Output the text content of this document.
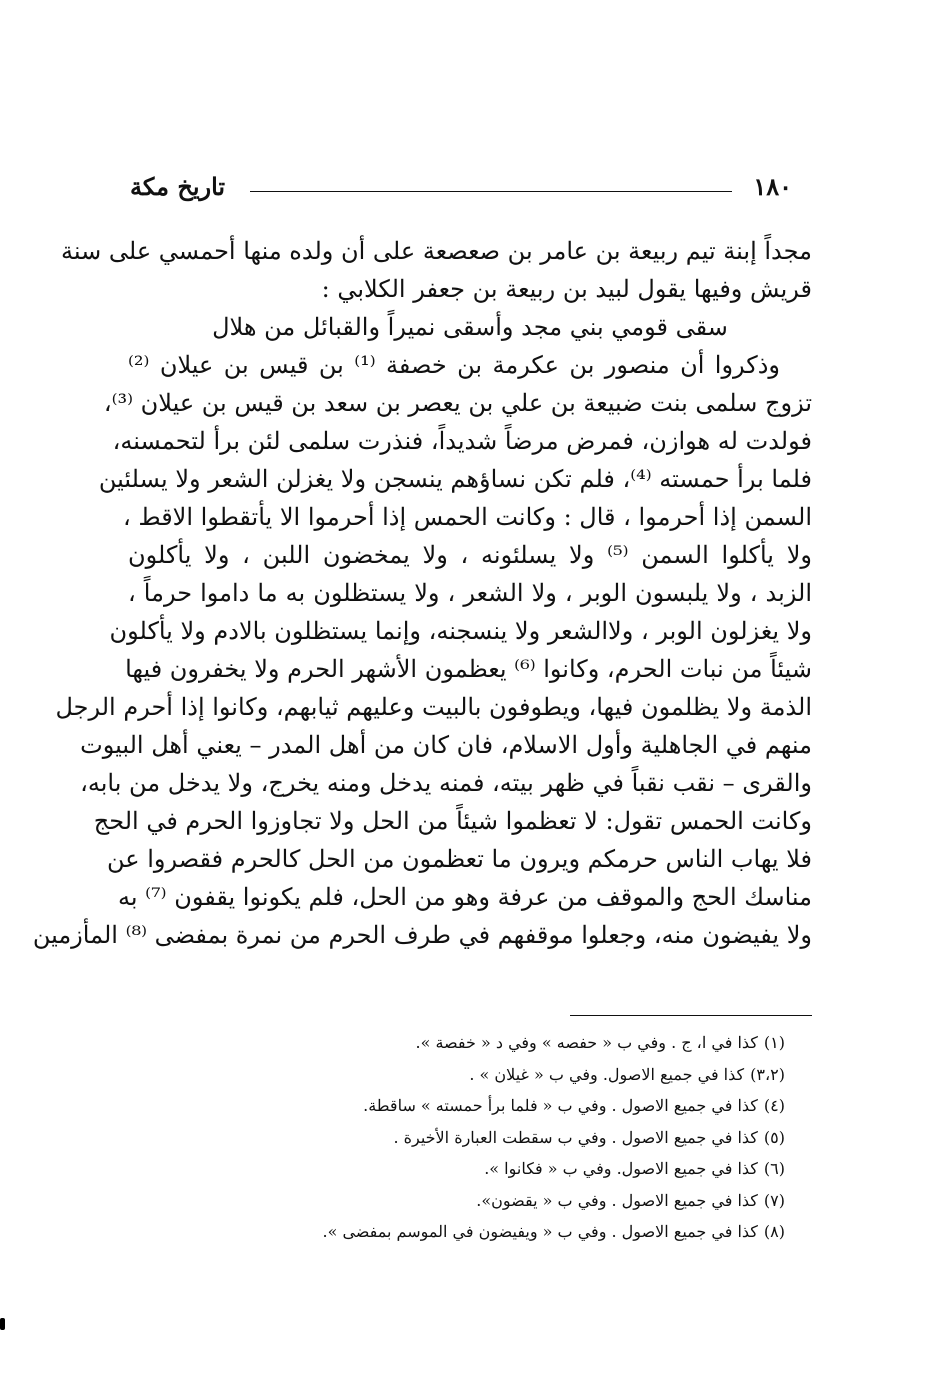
١٨٠
تاريخ مكة
مجداً إبنة تيم ربيعة بن عامر بن صعصعة على أن ولده منها أحمسي على سنة
قريش وفيها يقول لبيد بن ربيعة بن جعفر الكلابي :
سقى قومي بني مجد وأسقى نميراً والقبائل من هلال
وذكروا أن منصور بن عكرمة بن خصفة ⁽¹⁾ بن قيس بن عيلان ⁽²⁾
تزوج سلمى بنت ضبيعة بن علي بن يعصر بن سعد بن قيس بن عيلان ⁽³⁾،
فولدت له هوازن، فمرض مرضاً شديداً، فنذرت سلمى لئن برأ لتحمسنه،
فلما برأ حمسته ⁽⁴⁾، فلم تكن نساؤهم ينسجن ولا يغزلن الشعر ولا يسلئين
السمن إذا أحرموا ، قال : وكانت الحمس إذا أحرموا الا يأتقطوا الاقط ،
ولا يأكلوا السمن ⁽⁵⁾ ولا يسلئونه ، ولا يمخضون اللبن ، ولا يأكلون
الزبد ، ولا يلبسون الوبر ، ولا الشعر ، ولا يستظلون به ما داموا حرماً ،
ولا يغزلون الوبر ، ولاالشعر ولا ينسجنه، وإنما يستظلون بالادم ولا يأكلون
شيئاً من نبات الحرم، وكانوا ⁽⁶⁾ يعظمون الأشهر الحرم ولا يخفرون فيها
الذمة ولا يظلمون فيها، ويطوفون بالبيت وعليهم ثيابهم، وكانوا إذا أحرم الرجل
منهم في الجاهلية وأول الاسلام، فان كان من أهل المدر – يعني أهل البيوت
والقرى – نقب نقباً في ظهر بيته، فمنه يدخل ومنه يخرج، ولا يدخل من بابه،
وكانت الحمس تقول: لا تعظموا شيئاً من الحل ولا تجاوزوا الحرم في الحج
فلا يهاب الناس حرمكم ويرون ما تعظمون من الحل كالحرم فقصروا عن
مناسك الحج والموقف من عرفة وهو من الحل، فلم يكونوا يقفون ⁽⁷⁾ به
ولا يفيضون منه، وجعلوا موقفهم في طرف الحرم من نمرة بمفضى ⁽⁸⁾ المأزمين
(١)كذا في ا، ج . وفي ب « حفصه » وفي د « خفصة ».
(٣،٢)كذا في جميع الاصول. وفي ب « غيلان » .
(٤)كذا في جميع الاصول . وفي ب « فلما برأ حمسته » ساقطة.
(٥)كذا في جميع الاصول . وفي ب سقطت العبارة الأخيرة .
(٦)كذا في جميع الاصول. وفي ب « فكانوا ».
(٧)كذا في جميع الاصول . وفي ب « يقضون».
(٨)كذا في جميع الاصول . وفي ب « ويفيضون في الموسم بمفضى ».
